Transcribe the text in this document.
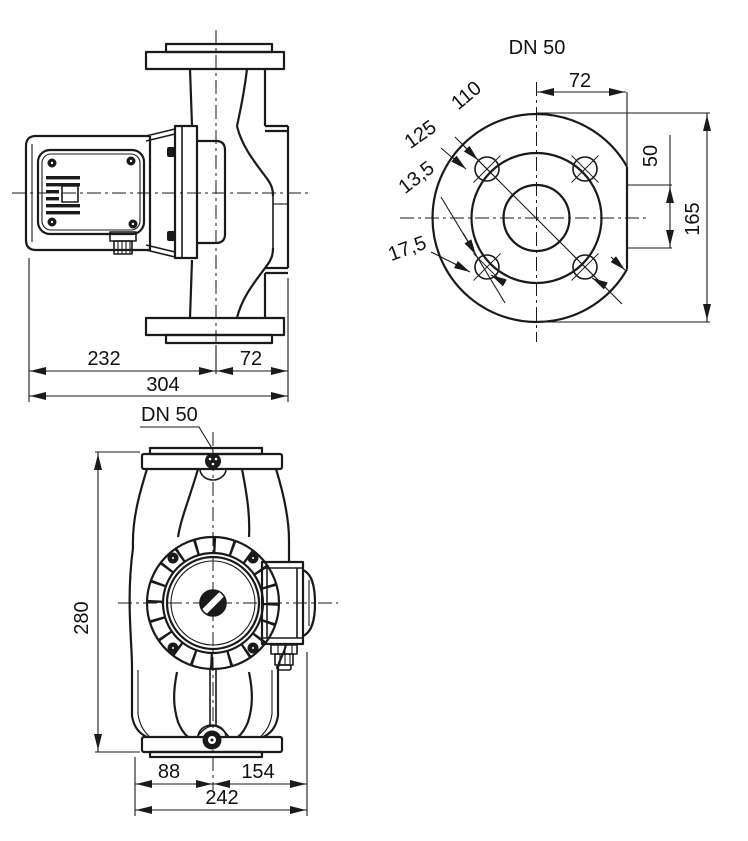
232	72
304
DN 50
110
125
13,5
17,5
72
50
165
DN 50
280
88	154
242
